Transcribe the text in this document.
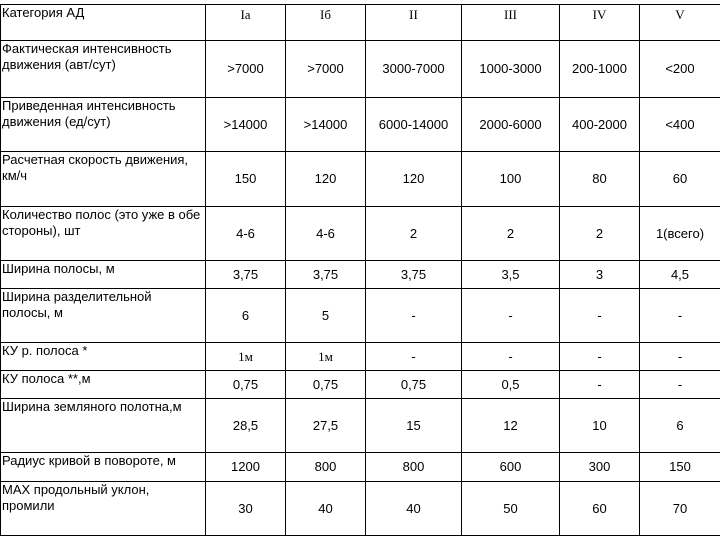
Категория АД	Ia	Iб	II	III	IV	V
Фактическая интенсивность движения (авт/сут)	>7000	>7000	3000-7000	1000-3000	200-1000	<200
Приведенная интенсивность движения (ед/сут)	>14000	>14000	6000-14000	2000-6000	400-2000	<400
Расчетная скорость движения, км/ч	150	120	120	100	80	60
Количество полос (это уже в обе стороны), шт	4-6	4-6	2	2	2	1(всего)
Ширина полосы, м	3,75	3,75	3,75	3,5	3	4,5
Ширина разделительной полосы, м	6	5	-	-	-	-
КУ р. полоса *	1м	1м	-	-	-	-
КУ полоса **,м	0,75	0,75	0,75	0,5	-	-
Ширина земляного полотна,м	28,5	27,5	15	12	10	6
Радиус кривой в повороте, м	1200	800	800	600	300	150
МАХ продольный уклон, промили	30	40	40	50	60	70
